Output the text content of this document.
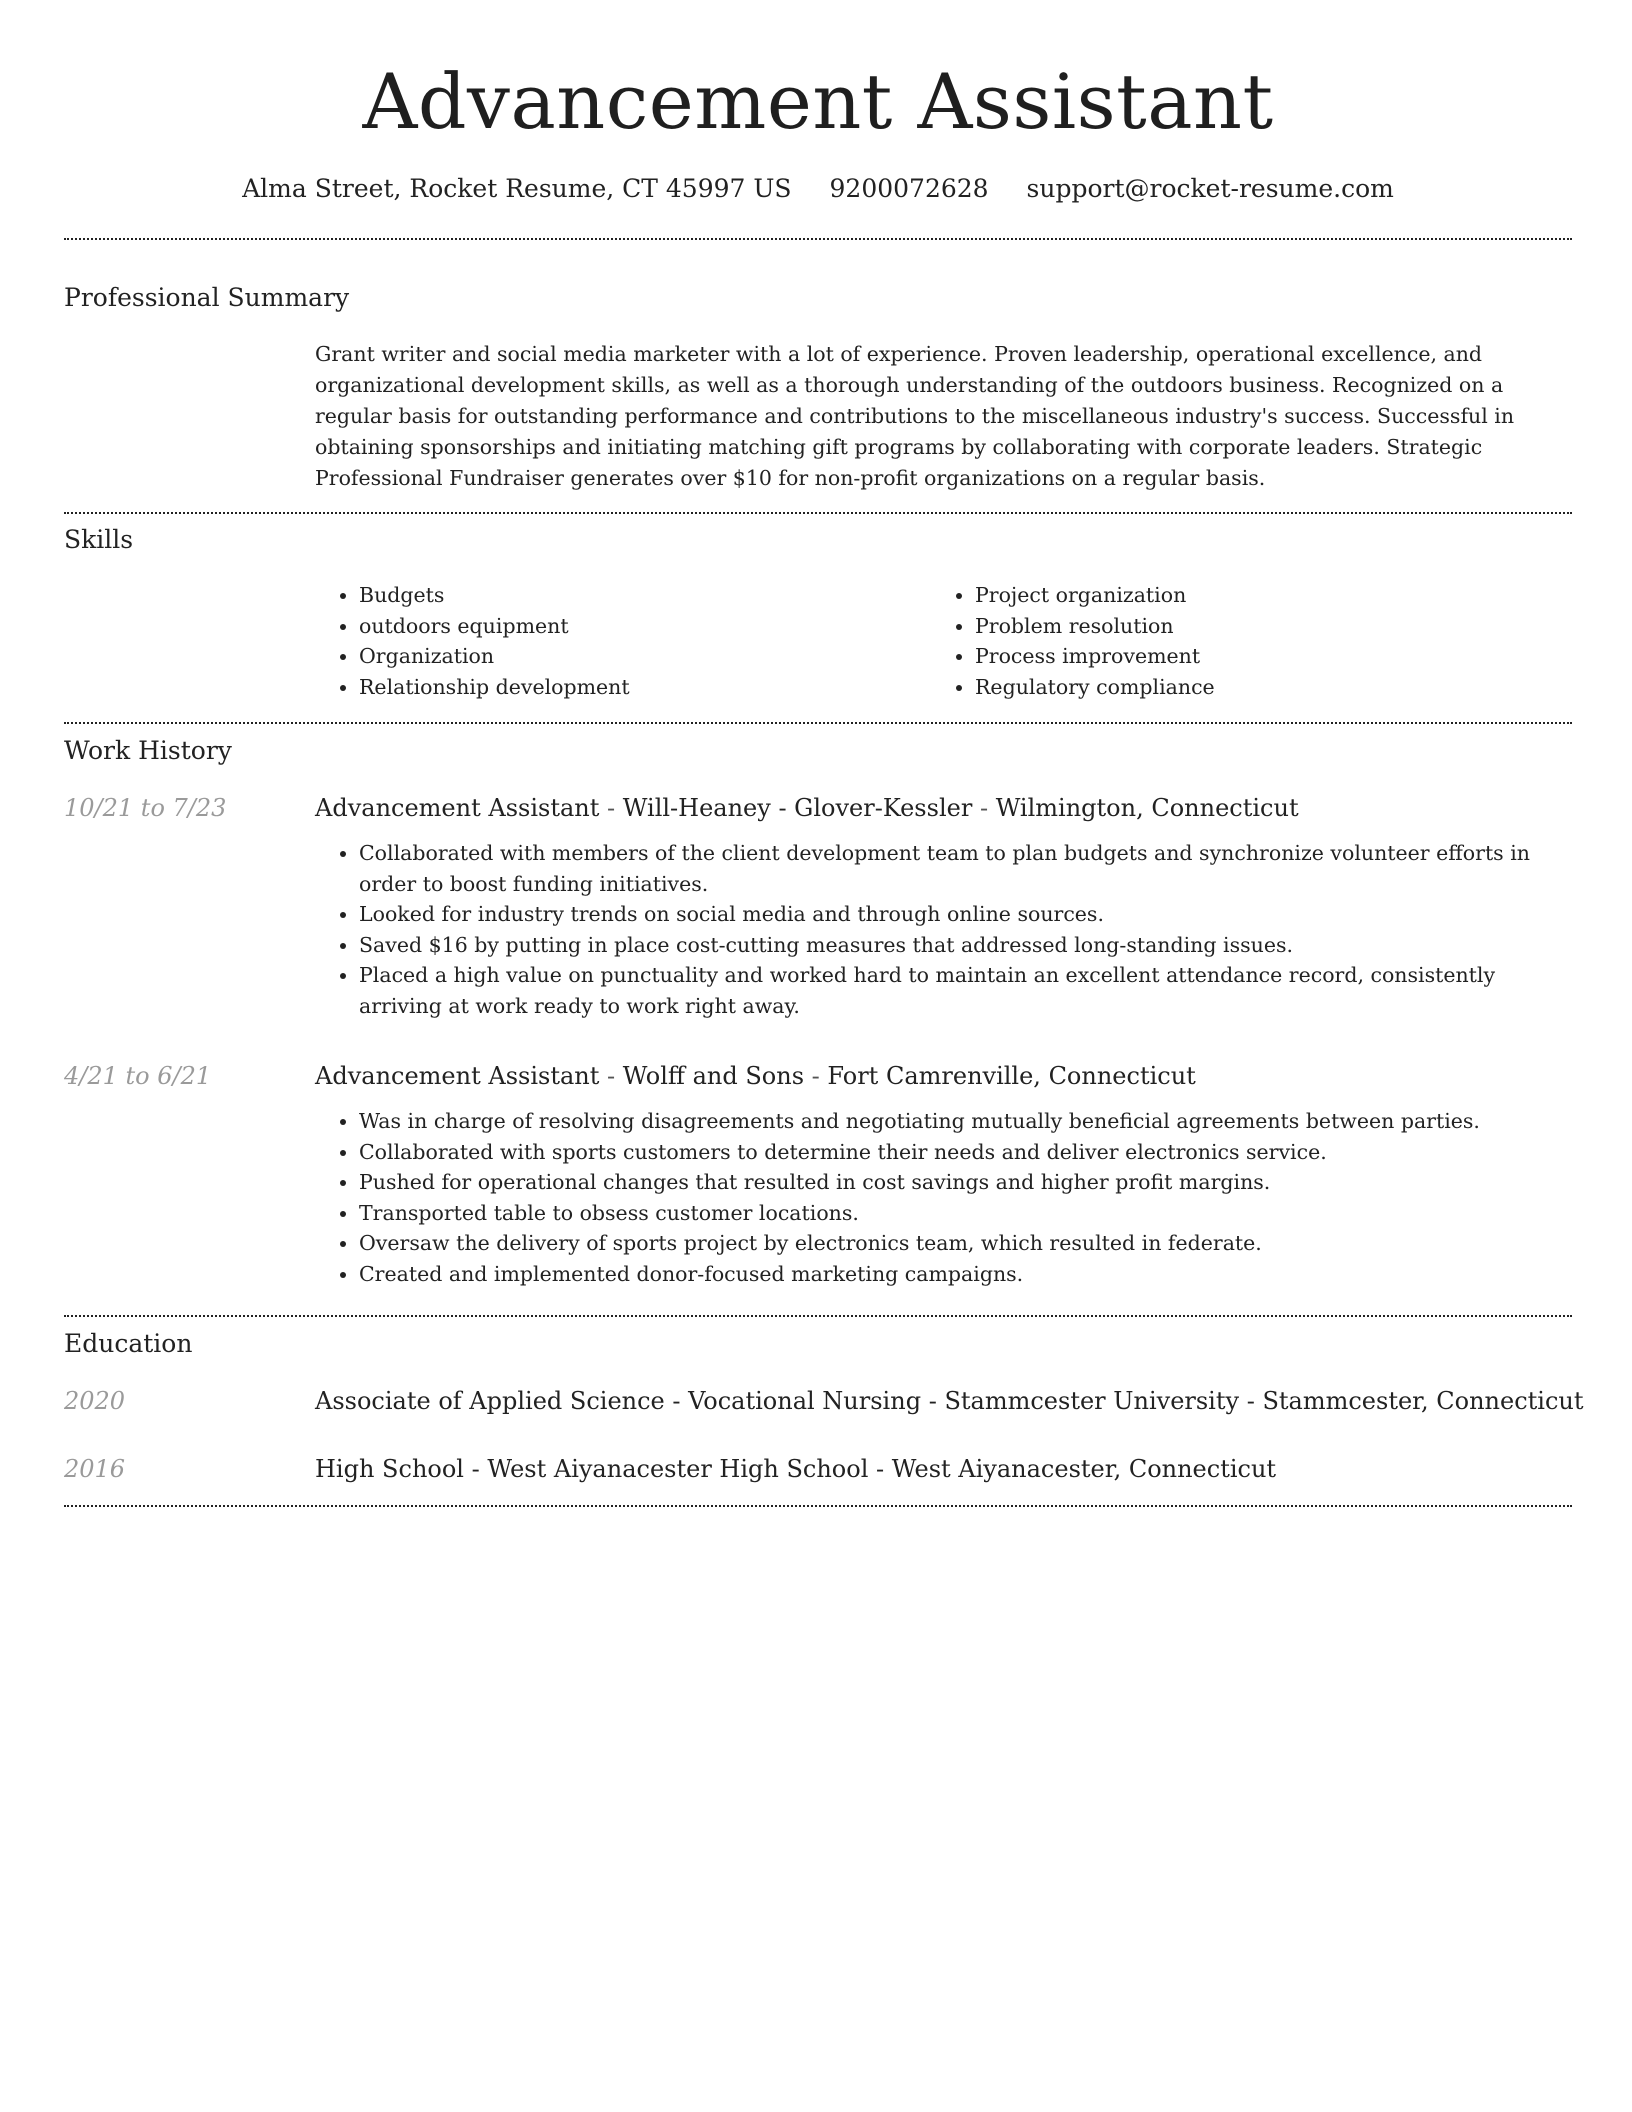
Advancement Assistant
Alma Street, Rocket Resume, CT 45997 US 9200072628 support@rocket-resume.com
Professional Summary

Grant writer and social media marketer with a lot of experience. Proven leadership, operational excellence, and organizational development skills, as well as a thorough understanding of the outdoors business. Recognized on a regular basis for outstanding performance and contributions to the miscellaneous industry's success. Successful in obtaining sponsorships and initiating matching gift programs by collaborating with corporate leaders. Strategic Professional Fundraiser generates over $10 for non-profit organizations on a regular basis.

Skills
• Budgets
• outdoors equipment
• Organization
• Relationship development
• Project organization
• Problem resolution
• Process improvement
• Regulatory compliance
Work History
10/21 to 7/23	Advancement Assistant - Will-Heaney - Glover-Kessler - Wilmington, Connecticut
• Collaborated with members of the client development team to plan budgets and synchronize volunteer efforts in order to boost funding initiatives.
• Looked for industry trends on social media and through online sources.
• Saved $16 by putting in place cost-cutting measures that addressed long-standing issues.
• Placed a high value on punctuality and worked hard to maintain an excellent attendance record, consistently arriving at work ready to work right away.
4/21 to 6/21	Advancement Assistant - Wolff and Sons - Fort Camrenville, Connecticut
• Was in charge of resolving disagreements and negotiating mutually beneficial agreements between parties.
• Collaborated with sports customers to determine their needs and deliver electronics service.
• Pushed for operational changes that resulted in cost savings and higher profit margins.
• Transported table to obsess customer locations.
• Oversaw the delivery of sports project by electronics team, which resulted in federate.
• Created and implemented donor-focused marketing campaigns.
Education
2020	Associate of Applied Science - Vocational Nursing - Stammcester University - Stammcester, Connecticut
2016	High School - West Aiyanacester High School - West Aiyanacester, Connecticut
